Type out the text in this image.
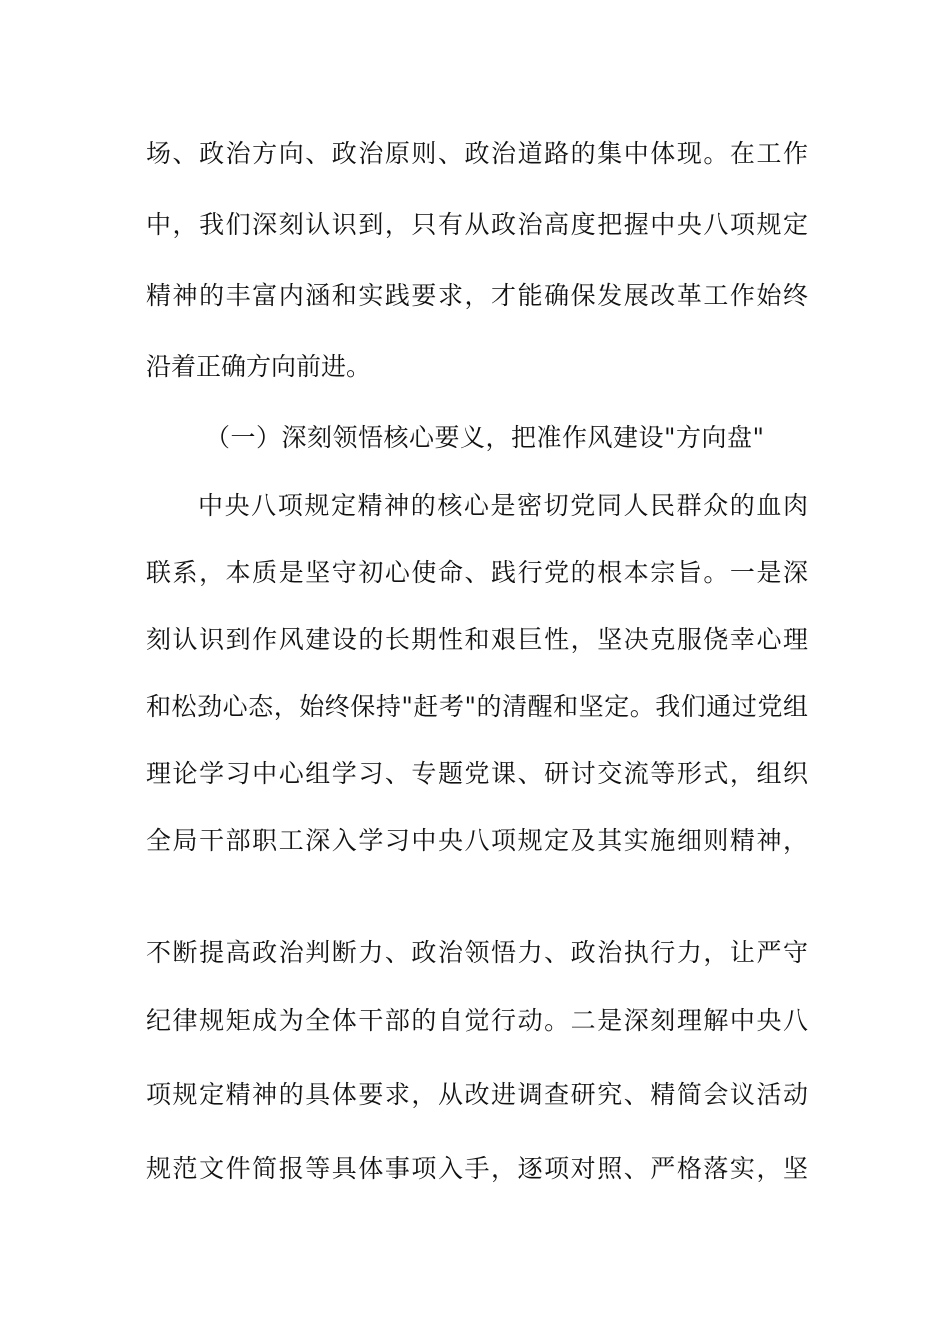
场、政治方向、政治原则、政治道路的集中体现。在工作
中，我们深刻认识到，只有从政治高度把握中央八项规定
精神的丰富内涵和实践要求，才能确保发展改革工作始终
沿着正确方向前进。
（一）深刻领悟核心要义，把准作风建设"方向盘"
中央八项规定精神的核心是密切党同人民群众的血肉
联系，本质是坚守初心使命、践行党的根本宗旨。一是深
刻认识到作风建设的长期性和艰巨性，坚决克服侥幸心理
和松劲心态，始终保持"赶考"的清醒和坚定。我们通过党组
理论学习中心组学习、专题党课、研讨交流等形式，组织
全局干部职工深入学习中央八项规定及其实施细则精神，
不断提高政治判断力、政治领悟力、政治执行力，让严守
纪律规矩成为全体干部的自觉行动。二是深刻理解中央八
项规定精神的具体要求，从改进调查研究、精简会议活动
规范文件简报等具体事项入手，逐项对照、严格落实，坚
